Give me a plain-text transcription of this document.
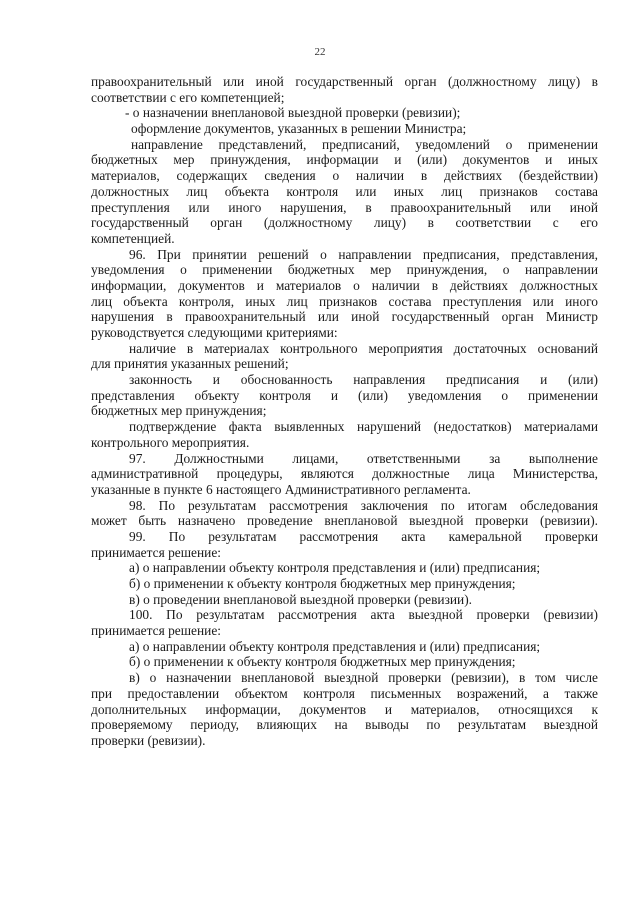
22
правоохранительный или иной государственный орган (должностному лицу) в
соответствии с его компетенцией;
- о назначении внеплановой выездной проверки (ревизии);
оформление документов, указанных в решении Министра;
направление представлений, предписаний, уведомлений о применении
бюджетных мер принуждения, информации и (или) документов и иных
материалов, содержащих сведения о наличии в действиях (бездействии)
должностных лиц объекта контроля или иных лиц признаков состава
преступления или иного нарушения, в правоохранительный или иной
государственный орган (должностному лицу) в соответствии с его
компетенцией.
96. При принятии решений о направлении предписания, представления,
уведомления о применении бюджетных мер принуждения, о направлении
информации, документов и материалов о наличии в действиях должностных
лиц объекта контроля, иных лиц признаков состава преступления или иного
нарушения в правоохранительный или иной государственный орган Министр
руководствуется следующими критериями:
наличие в материалах контрольного мероприятия достаточных оснований
для принятия указанных решений;
законность и обоснованность направления предписания и (или)
представления объекту контроля и (или) уведомления о применении
бюджетных мер принуждения;
подтверждение факта выявленных нарушений (недостатков) материалами
контрольного мероприятия.
97. Должностными лицами, ответственными за выполнение
административной процедуры, являются должностные лица Министерства,
указанные в пункте 6 настоящего Административного регламента.
98. По результатам рассмотрения заключения по итогам обследования
может быть назначено проведение внеплановой выездной проверки (ревизии).
99. По результатам рассмотрения акта камеральной проверки
принимается решение:
а) о направлении объекту контроля представления и (или) предписания;
б) о применении к объекту контроля бюджетных мер принуждения;
в) о проведении внеплановой выездной проверки (ревизии).
100. По результатам рассмотрения акта выездной проверки (ревизии)
принимается решение:
а) о направлении объекту контроля представления и (или) предписания;
б) о применении к объекту контроля бюджетных мер принуждения;
в) о назначении внеплановой выездной проверки (ревизии), в том числе
при предоставлении объектом контроля письменных возражений, а также
дополнительных информации, документов и материалов, относящихся к
проверяемому периоду, влияющих на выводы по результатам выездной
проверки (ревизии).
